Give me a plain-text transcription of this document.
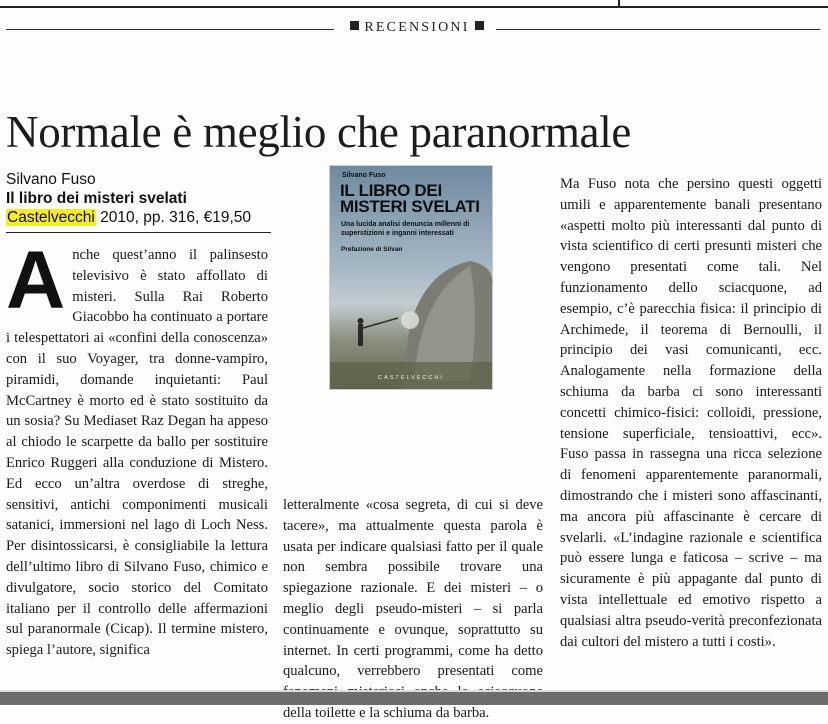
RECENSIONI
Normale è meglio che paranormale
Silvano Fuso
Il libro dei misteri svelati
Castelvecchi 2010, pp. 316, €19,50
A nche quest’anno il palinsesto televisivo è stato affollato di misteri. Sulla Rai Roberto Giacobbo ha continuato a portare i telespettatori ai «confini della conoscenza» con il suo Voyager, tra donne-vampiro, piramidi, domande inquietanti: Paul McCartney è morto ed è stato sostituito da un sosia? Su Mediaset Raz Degan ha appeso al chiodo le scarpette da ballo per sostituire Enrico Ruggeri alla conduzione di Mistero. Ed ecco un’altra overdose di streghe, sensitivi, antichi componimenti musicali satanici, immersioni nel lago di Loch Ness. Per disintossicarsi, è consigliabile la lettura dell’ultimo libro di Silvano Fuso, chimico e divulgatore, socio storico del Comitato italiano per il controllo delle affermazioni sul paranormale (Cicap). Il termine mistero, spiega l’autore, significa

Silvano Fuso
IL LIBRO DEI MISTERI SVELATI
Una lucida analisi denuncia millenni di superstizioni e inganni interessati
Prefazione di Silvan
CASTELVECCHI

letteralmente «cosa segreta, di cui si deve tacere», ma attualmente questa parola è usata per indicare qualsiasi fatto per il quale non sembra possibile trovare una spiegazione razionale. E dei misteri – o meglio degli pseudo-misteri – si parla continuamente e ovunque, soprattutto su internet. In certi programmi, come ha detto qualcuno, verrebbero presentati come della toilette e la schiuma da barba.

Ma Fuso nota che persino questi oggetti umili e apparentemente banali presentano «aspetti molto più interessanti dal punto di vista scientifico di certi presunti misteri che vengono presentati come tali. Nel funzionamento dello sciacquone, ad esempio, c’è parecchia fisica: il principio di Archimede, il teorema di Bernoulli, il principio dei vasi comunicanti, ecc. Analogamente nella formazione della schiuma da barba ci sono interessanti concetti chimico-fisici: colloidi, pressione, tensione superficiale, tensioattivi, ecc». Fuso passa in rassegna una ricca selezione di fenomeni apparentemente paranormali, dimostrando che i misteri sono affascinanti, ma ancora più affascinante è cercare di svelarli. «L’indagine razionale e scientifica può essere lunga e faticosa – scrive – ma sicuramente è più appagante dal punto di vista intellettuale ed emotivo rispetto a qualsiasi altra pseudo-verità preconfezionata dai cultori del mistero a tutti i costi».
